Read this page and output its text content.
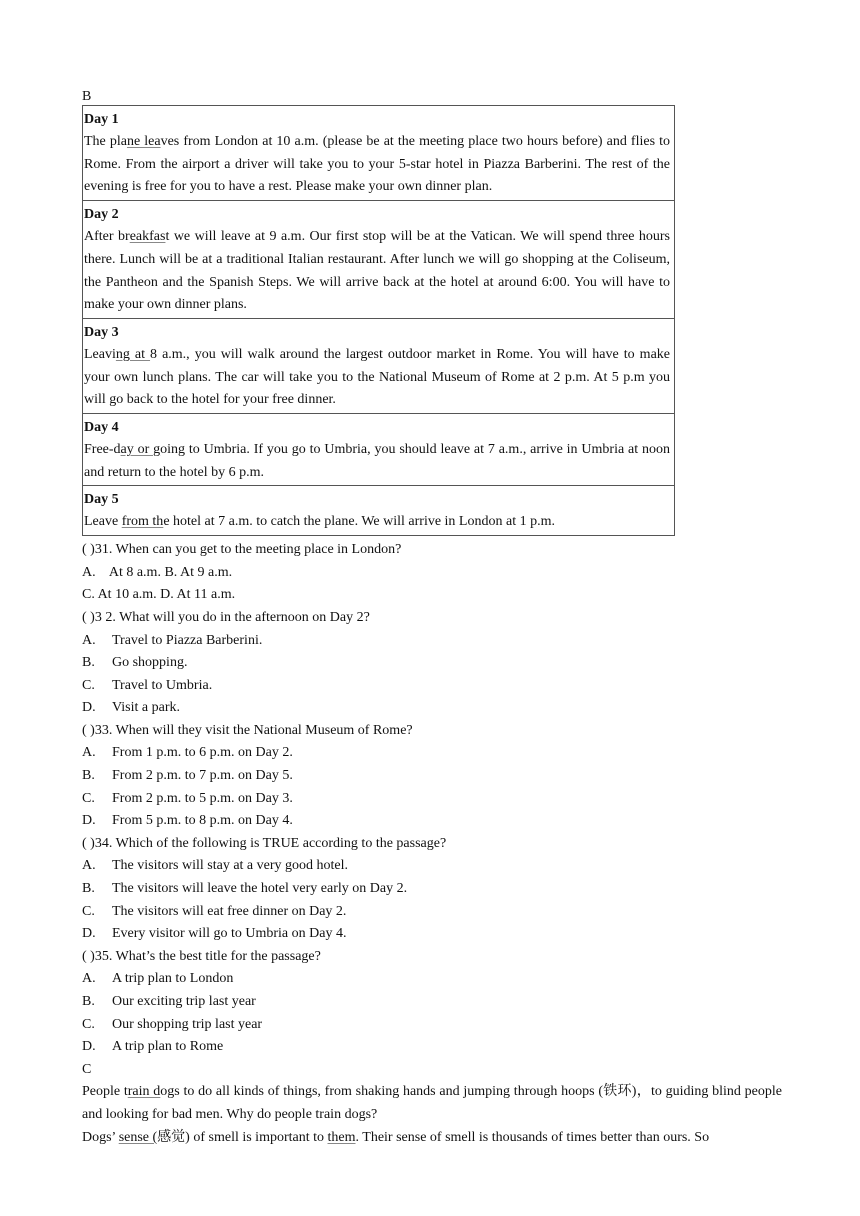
B
Day 1
The plane leaves from London at 10 a.m. (please be at the meeting place two hours before) and flies to Rome. From the airport a driver will take you to your 5-star hotel in Piazza Barberini. The rest of the evening is free for you to have a rest. Please make your own dinner plan.
Day 2
After breakfast we will leave at 9 a.m. Our first stop will be at the Vatican. We will spend three hours there. Lunch will be at a traditional Italian restaurant. After lunch we will go shopping at the Coliseum, the Pantheon and the Spanish Steps. We will arrive back at the hotel at around 6:00. You will have to make your own dinner plans.
Day 3
Leaving at 8 a.m., you will walk around the largest outdoor market in Rome. You will have to make your own lunch plans. The car will take you to the National Museum of Rome at 2 p.m. At 5 p.m you will go back to the hotel for your free dinner.
Day 4
Free-day or going to Umbria. If you go to Umbria, you should leave at 7 a.m., arrive in Umbria at noon and return to the hotel by 6 p.m.
Day 5
Leave from the hotel at 7 a.m. to catch the plane. We will arrive in London at 1 p.m.
( )31. When can you get to the meeting place in London?
A.    At 8 a.m. B. At 9 a.m.
C. At 10 a.m. D. At 11 a.m.
( )3 2. What will you do in the afternoon on Day 2?
A.	Travel to Piazza Barberini.
B.	Go shopping.
C.	Travel to Umbria.
D.	Visit a park.
( )33. When will they visit the National Museum of Rome?
A.	From 1 p.m. to 6 p.m. on Day 2.
B.	From 2 p.m. to 7 p.m. on Day 5.
C.	From 2 p.m. to 5 p.m. on Day 3.
D.	From 5 p.m. to 8 p.m. on Day 4.
( )34. Which of the following is TRUE according to the passage?
A.	The visitors will stay at a very good hotel.
B.	The visitors will leave the hotel very early on Day 2.
C.	The visitors will eat free dinner on Day 2.
D.	Every visitor will go to Umbria on Day 4.
( )35. What’s the best title for the passage?
A.	A trip plan to London
B.	Our exciting trip last year
C.	Our shopping trip last year
D.	A trip plan to Rome
C
People train dogs to do all kinds of things, from shaking hands and jumping through hoops (铁环)，to guiding blind people and looking for bad men. Why do people train dogs?
Dogs’ sense (感觉) of smell is important to them. Their sense of smell is thousands of times better than ours. So
